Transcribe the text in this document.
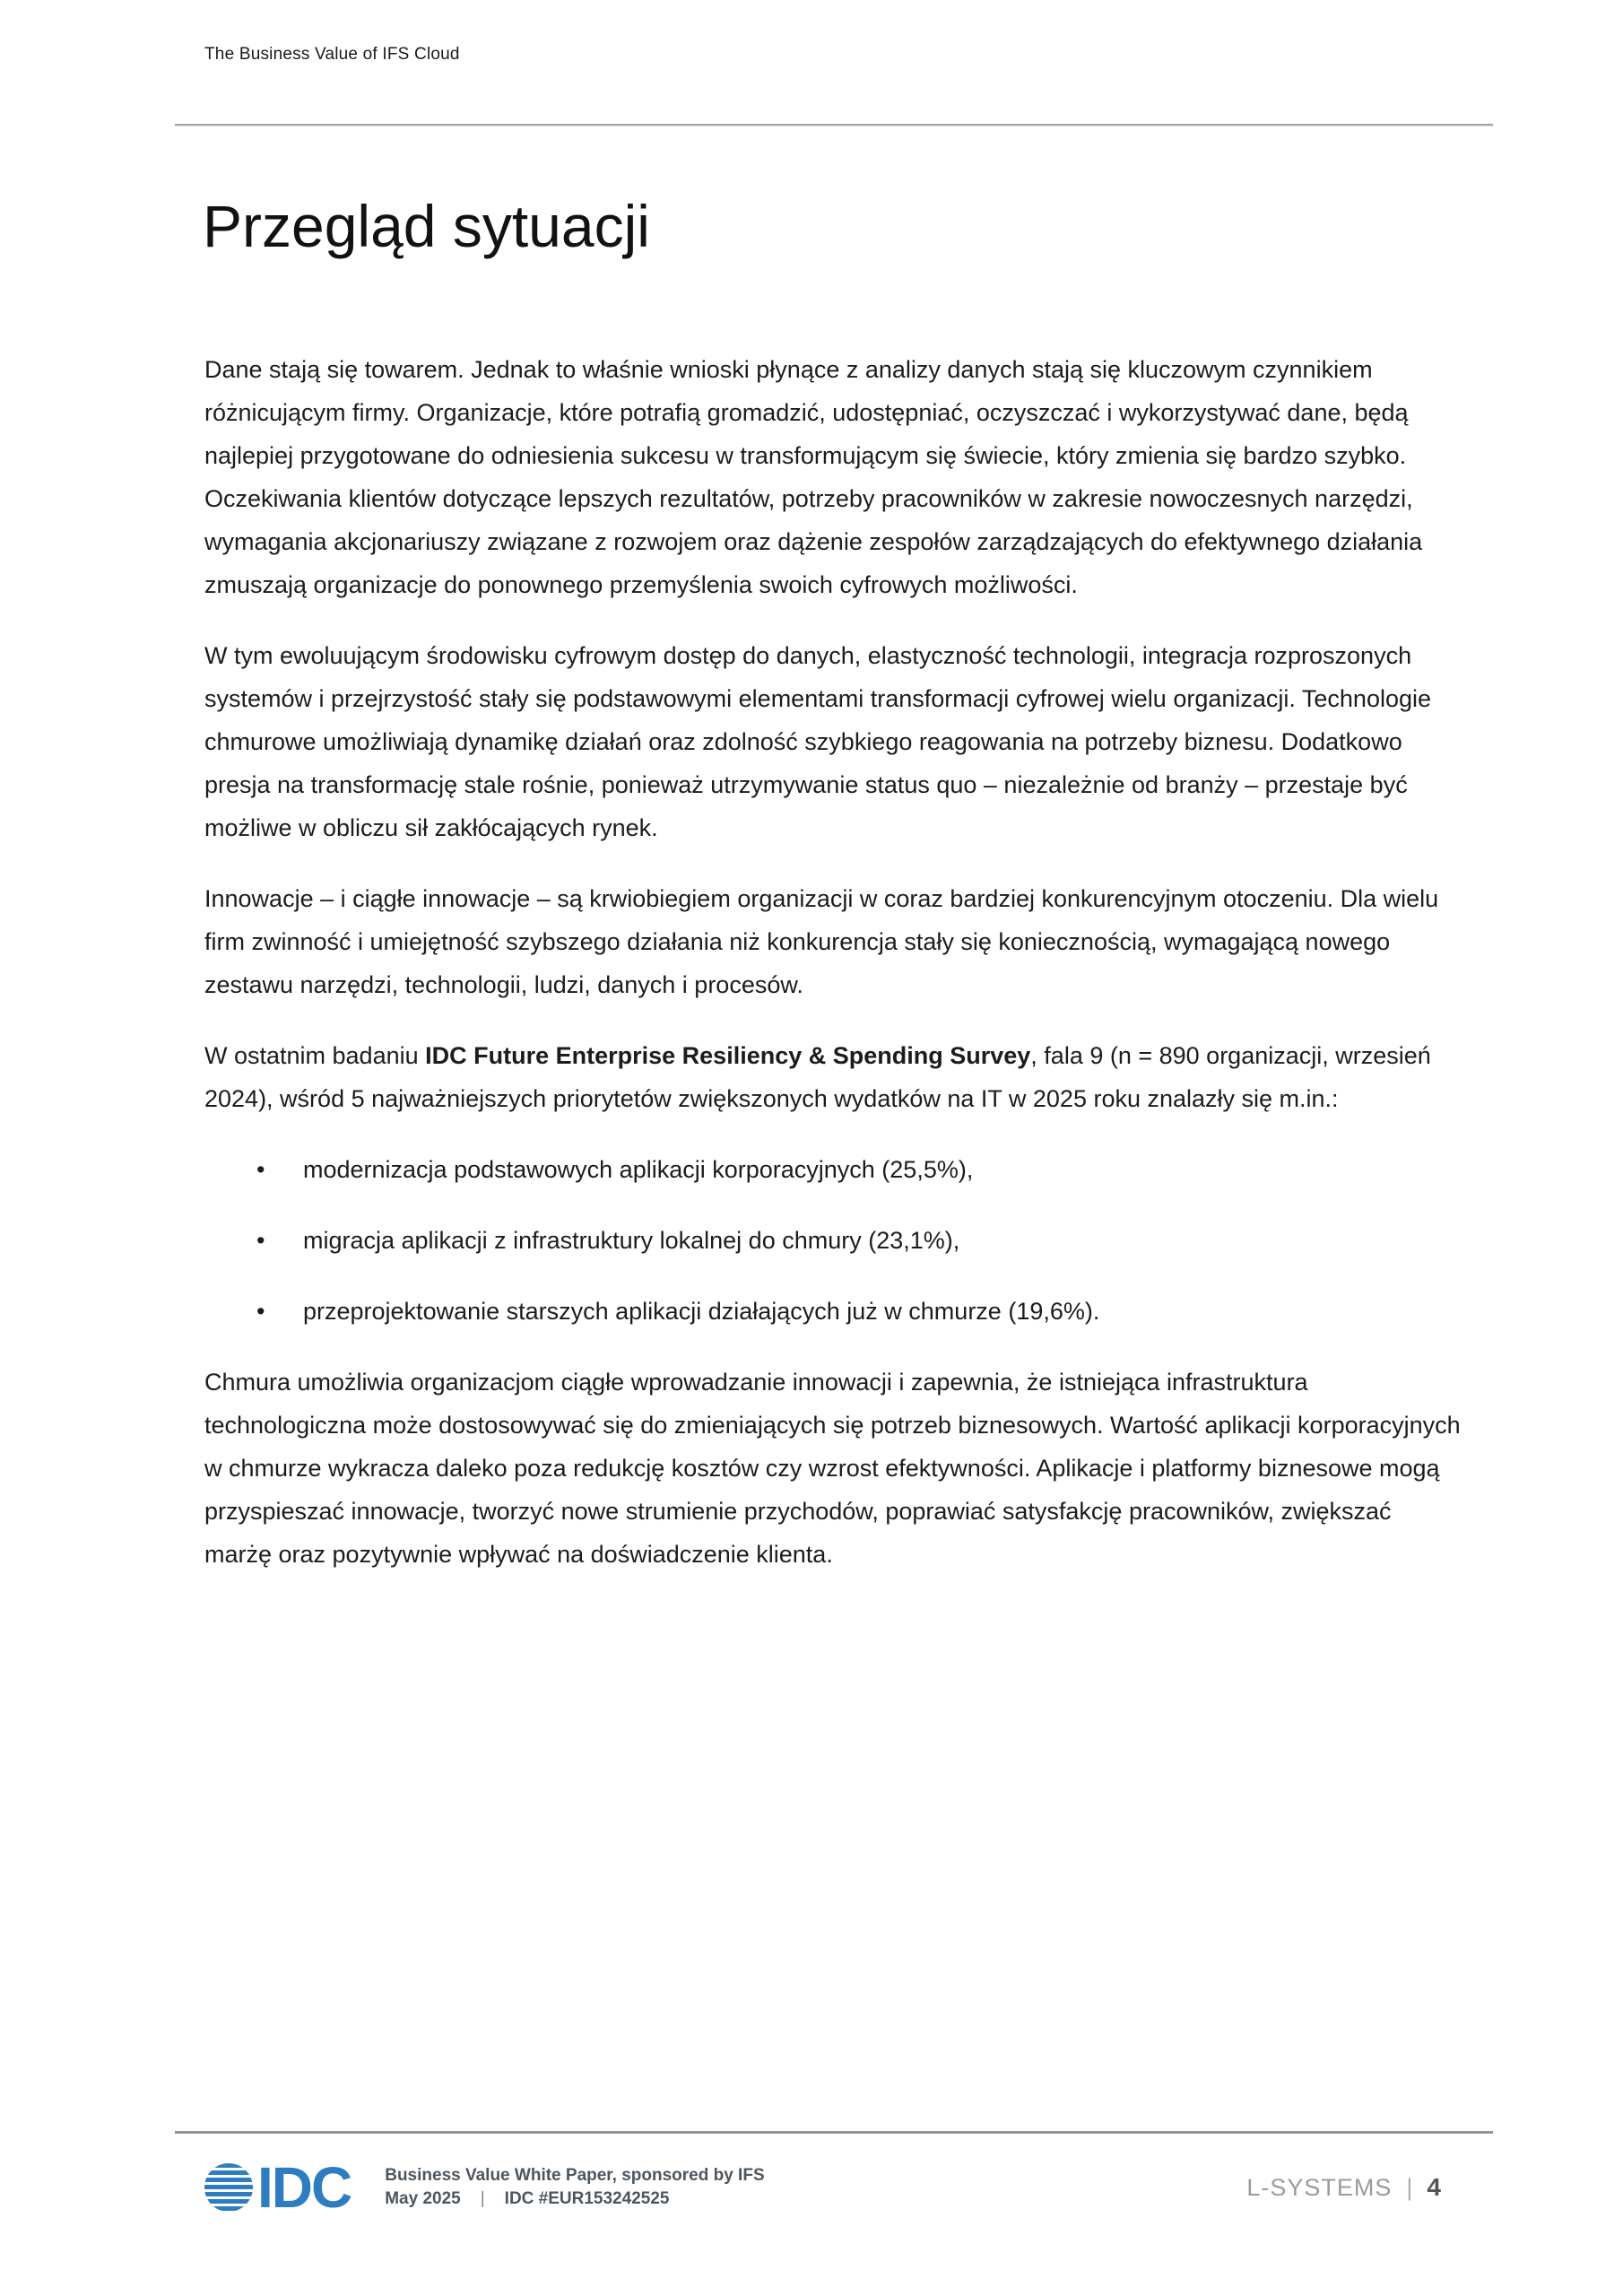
The Business Value of IFS Cloud
Przegląd sytuacji

Dane stają się towarem. Jednak to właśnie wnioski płynące z analizy danych stają się kluczowym czynnikiem różnicującym firmy. Organizacje, które potrafią gromadzić, udostępniać, oczyszczać i wykorzystywać dane, będą najlepiej przygotowane do odniesienia sukcesu w transformującym się świecie, który zmienia się bardzo szybko. Oczekiwania klientów dotyczące lepszych rezultatów, potrzeby pracowników w zakresie nowoczesnych narzędzi, wymagania akcjonariuszy związane z rozwojem oraz dążenie zespołów zarządzających do efektywnego działania zmuszają organizacje do ponownego przemyślenia swoich cyfrowych możliwości.

W tym ewoluującym środowisku cyfrowym dostęp do danych, elastyczność technologii, integracja rozproszonych systemów i przejrzystość stały się podstawowymi elementami transformacji cyfrowej wielu organizacji. Technologie chmurowe umożliwiają dynamikę działań oraz zdolność szybkiego reagowania na potrzeby biznesu. Dodatkowo presja na transformację stale rośnie, ponieważ utrzymywanie status quo – niezależnie od branży – przestaje być możliwe w obliczu sił zakłócających rynek.

Innowacje – i ciągłe innowacje – są krwiobiegiem organizacji w coraz bardziej konkurencyjnym otoczeniu. Dla wielu firm zwinność i umiejętność szybszego działania niż konkurencja stały się koniecznością, wymagającą nowego zestawu narzędzi, technologii, ludzi, danych i procesów.

W ostatnim badaniu IDC Future Enterprise Resiliency & Spending Survey, fala 9 (n = 890 organizacji, wrzesień 2024), wśród 5 najważniejszych priorytetów zwiększonych wydatków na IT w 2025 roku znalazły się m.in.:

• modernizacja podstawowych aplikacji korporacyjnych (25,5%),
• migracja aplikacji z infrastruktury lokalnej do chmury (23,1%),
• przeprojektowanie starszych aplikacji działających już w chmurze (19,6%).

Chmura umożliwia organizacjom ciągłe wprowadzanie innowacji i zapewnia, że istniejąca infrastruktura technologiczna może dostosowywać się do zmieniających się potrzeb biznesowych. Wartość aplikacji korporacyjnych w chmurze wykracza daleko poza redukcję kosztów czy wzrost efektywności. Aplikacje i platformy biznesowe mogą przyspieszać innowacje, tworzyć nowe strumienie przychodów, poprawiać satysfakcję pracowników, zwiększać marżę oraz pozytywnie wpływać na doświadczenie klienta.

IDC Business Value White Paper, sponsored by IFS
May 2025 | IDC #EUR153242525	L-SYSTEMS | 4
